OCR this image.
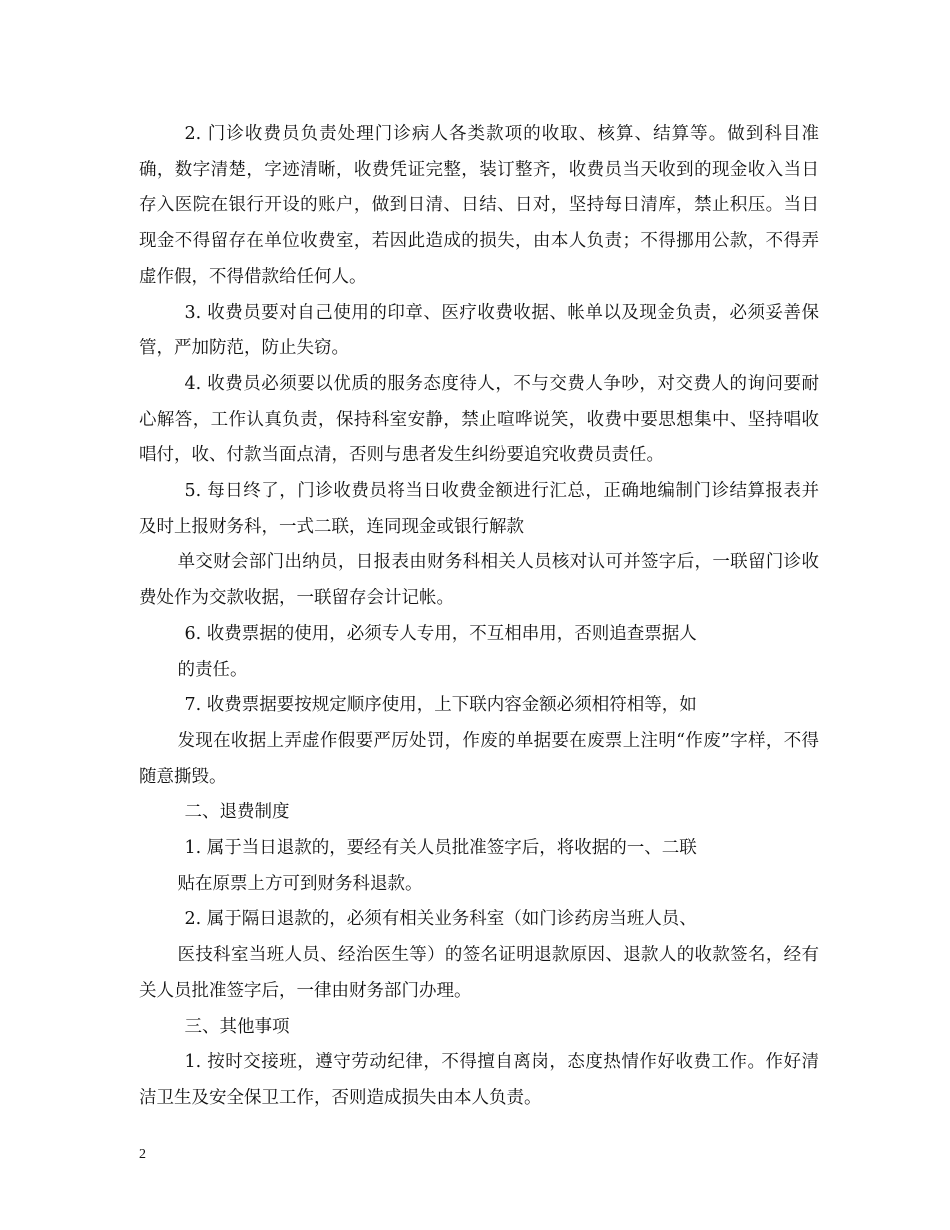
2. 门诊收费员负责处理门诊病人各类款项的收取、核算、结算等。做到科目准确，数字清楚，字迹清晰，收费凭证完整，装订整齐，收费员当天收到的现金收入当日存入医院在银行开设的账户，做到日清、日结、日对，坚持每日清库，禁止积压。当日现金不得留存在单位收费室，若因此造成的损失，由本人负责；不得挪用公款，不得弄虚作假，不得借款给任何人。

3. 收费员要对自己使用的印章、医疗收费收据、帐单以及现金负责，必须妥善保管，严加防范，防止失窃。

4. 收费员必须要以优质的服务态度待人，不与交费人争吵，对交费人的询问要耐心解答，工作认真负责，保持科室安静，禁止喧哗说笑，收费中要思想集中、坚持唱收唱付，收、付款当面点清，否则与患者发生纠纷要追究收费员责任。

5. 每日终了，门诊收费员将当日收费金额进行汇总，正确地编制门诊结算报表并及时上报财务科，一式二联，连同现金或银行解款

单交财会部门出纳员，日报表由财务科相关人员核对认可并签字后，一联留门诊收费处作为交款收据，一联留存会计记帐。

6. 收费票据的使用，必须专人专用，不互相串用，否则追查票据人

的责任。

7. 收费票据要按规定顺序使用，上下联内容金额必须相符相等，如

发现在收据上弄虚作假要严厉处罚，作废的单据要在废票上注明“作废”字样，不得随意撕毁。

二、退费制度

1. 属于当日退款的，要经有关人员批准签字后，将收据的一、二联

贴在原票上方可到财务科退款。

2. 属于隔日退款的，必须有相关业务科室（如门诊药房当班人员、

医技科室当班人员、经治医生等）的签名证明退款原因、退款人的收款签名，经有关人员批准签字后，一律由财务部门办理。

三、其他事项

1. 按时交接班，遵守劳动纪律，不得擅自离岗，态度热情作好收费工作。作好清洁卫生及安全保卫工作，否则造成损失由本人负责。

2
